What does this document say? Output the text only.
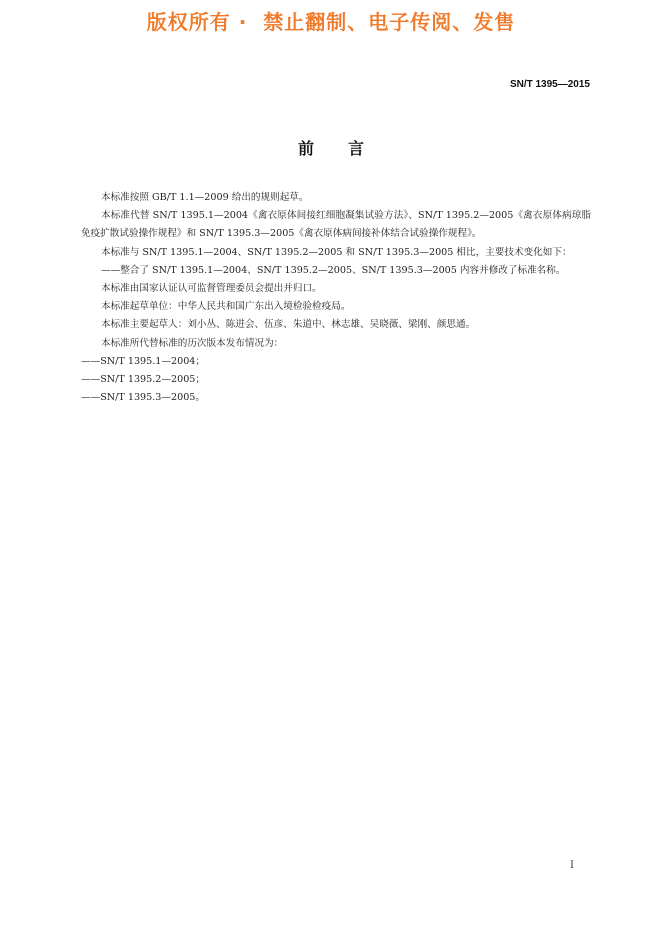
版权所有 ·  禁止翻制、电子传阅、发售
SN/T 1395—2015
前言

本标准按照 GB/T 1.1—2009 给出的规则起草。

本标准代替 SN/T 1395.1—2004《禽衣原体间接红细胞凝集试验方法》、SN/T 1395.2—2005《禽衣原体病琼脂免疫扩散试验操作规程》和 SN/T 1395.3—2005《禽衣原体病间接补体结合试验操作规程》。

本标准与 SN/T 1395.1—2004、SN/T 1395.2—2005 和 SN/T 1395.3—2005 相比，主要技术变化如下：

——整合了 SN/T 1395.1—2004、SN/T 1395.2—2005、SN/T 1395.3—2005 内容并修改了标准名称。

本标准由国家认证认可监督管理委员会提出并归口。

本标准起草单位：中华人民共和国广东出入境检验检疫局。

本标准主要起草人：刘小丛、陈进会、伍彦、朱道中、林志雄、吴晓薇、梁刚、颜思通。

本标准所代替标准的历次版本发布情况为：

——SN/T 1395.1—2004；

——SN/T 1395.2—2005；

——SN/T 1395.3—2005。

I
